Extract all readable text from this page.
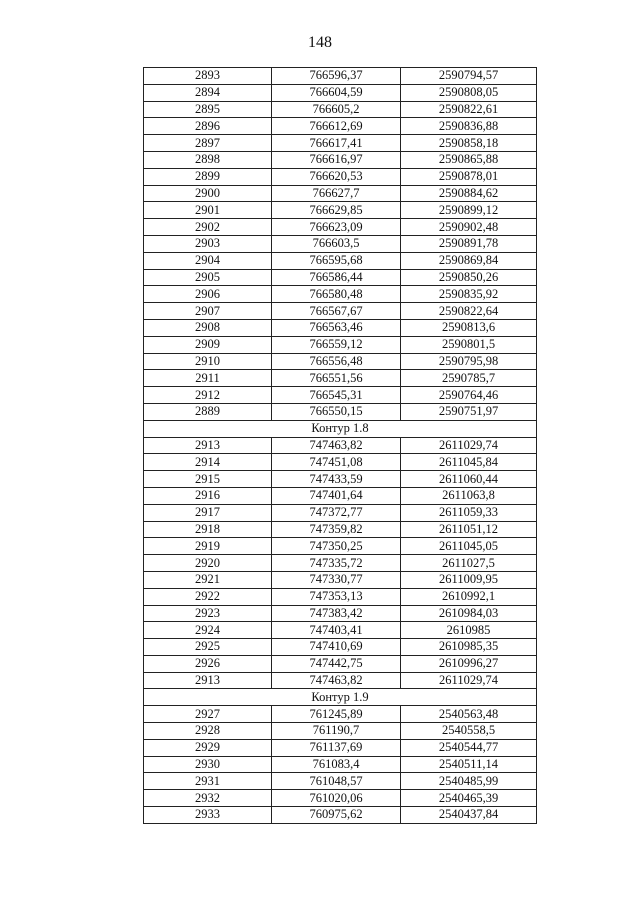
148
2893	766596,37	2590794,57
2894	766604,59	2590808,05
2895	766605,2	2590822,61
2896	766612,69	2590836,88
2897	766617,41	2590858,18
2898	766616,97	2590865,88
2899	766620,53	2590878,01
2900	766627,7	2590884,62
2901	766629,85	2590899,12
2902	766623,09	2590902,48
2903	766603,5	2590891,78
2904	766595,68	2590869,84
2905	766586,44	2590850,26
2906	766580,48	2590835,92
2907	766567,67	2590822,64
2908	766563,46	2590813,6
2909	766559,12	2590801,5
2910	766556,48	2590795,98
2911	766551,56	2590785,7
2912	766545,31	2590764,46
2889	766550,15	2590751,97
Контур 1.8		
2913	747463,82	2611029,74
2914	747451,08	2611045,84
2915	747433,59	2611060,44
2916	747401,64	2611063,8
2917	747372,77	2611059,33
2918	747359,82	2611051,12
2919	747350,25	2611045,05
2920	747335,72	2611027,5
2921	747330,77	2611009,95
2922	747353,13	2610992,1
2923	747383,42	2610984,03
2924	747403,41	2610985
2925	747410,69	2610985,35
2926	747442,75	2610996,27
2913	747463,82	2611029,74
Контур 1.9		
2927	761245,89	2540563,48
2928	761190,7	2540558,5
2929	761137,69	2540544,77
2930	761083,4	2540511,14
2931	761048,57	2540485,99
2932	761020,06	2540465,39
2933	760975,62	2540437,84
